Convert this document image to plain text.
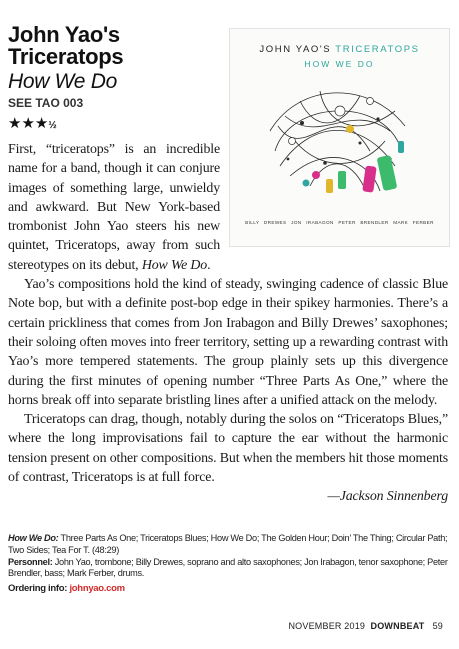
John Yao's Triceratops
How We Do
SEE TAO 003
★★★½
JOHN YAO'S TRICERATOPS
HOW WE DO
BILLY DREWES JON IRABAGON PETER BRENDLER MARK FERBER

First, “triceratops” is an incredible name for a band, though it can conjure images of something large, unwieldy and awkward. But New York-based trombonist John Yao steers his new quintet, Triceratops, away from such stereotypes on its debut, How We Do.

Yao’s compositions hold the kind of steady, swinging cadence of classic Blue Note bop, but with a definite post-bop edge in their spikey harmonies. There’s a certain prickliness that comes from Jon Irabagon and Billy Drewes’ saxophones; their soloing often moves into freer territory, setting up a rewarding contrast with Yao’s more tempered statements. The group plainly sets up this divergence during the first minutes of opening number “Three Parts As One,” where the horns break off into separate bristling lines after a unified attack on the melody.

Triceratops can drag, though, notably during the solos on “Triceratops Blues,” where the long improvisations fail to capture the ear without the harmonic tension present on other compositions. But when the members hit those moments of contrast, Triceratops is at full force.

—Jackson Sinnenberg

How We Do: Three Parts As One; Triceratops Blues; How We Do; The Golden Hour; Doin’ The Thing; Circular Path; Two Sides; Tea For T. (48:29)

Personnel: John Yao, trombone; Billy Drewes, soprano and alto saxophones; Jon Irabagon, tenor saxophone; Peter Brendler, bass; Mark Ferber, drums.

Ordering info: johnyao.com

NOVEMBER 2019 DOWNBEAT 59
